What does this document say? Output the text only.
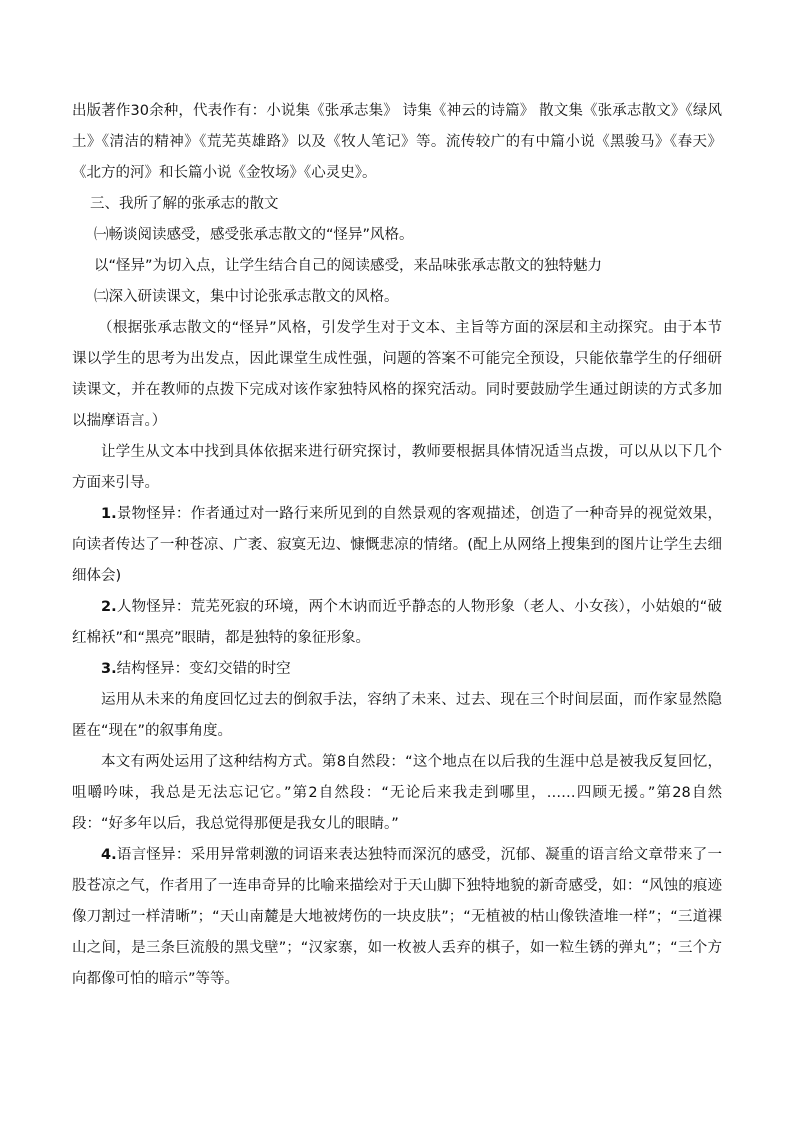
出版著作30余种，代表作有：小说集《张承志集》 诗集《神云的诗篇》 散文集《张承志散文》《绿风土》《清洁的精神》《荒芜英雄路》以及《牧人笔记》等。流传较广的有中篇小说《黑骏马》《春天》《北方的河》和长篇小说《金牧场》《心灵史》。

三、我所了解的张承志的散文

㈠畅谈阅读感受，感受张承志散文的“怪异”风格。

以“怪异”为切入点，让学生结合自己的阅读感受，来品味张承志散文的独特魅力

㈡深入研读课文，集中讨论张承志散文的风格。

（根据张承志散文的“怪异”风格，引发学生对于文本、主旨等方面的深层和主动探究。由于本节课以学生的思考为出发点，因此课堂生成性强，问题的答案不可能完全预设，只能依靠学生的仔细研读课文，并在教师的点拨下完成对该作家独特风格的探究活动。同时要鼓励学生通过朗读的方式多加以揣摩语言。）

让学生从文本中找到具体依据来进行研究探讨，教师要根据具体情况适当点拨，可以从以下几个方面来引导。

1.景物怪异：作者通过对一路行来所见到的自然景观的客观描述，创造了一种奇异的视觉效果，向读者传达了一种苍凉、广袤、寂寞无边、慷慨悲凉的情绪。(配上从网络上搜集到的图片让学生去细细体会)

2.人物怪异：荒芜死寂的环境，两个木讷而近乎静态的人物形象（老人、小女孩），小姑娘的“破红棉袄”和“黑亮”眼睛，都是独特的象征形象。

3.结构怪异：变幻交错的时空

运用从未来的角度回忆过去的倒叙手法，容纳了未来、过去、现在三个时间层面，而作家显然隐匿在“现在”的叙事角度。

本文有两处运用了这种结构方式。第8自然段：“这个地点在以后我的生涯中总是被我反复回忆，咀嚼吟味，我总是无法忘记它。”第2自然段：“无论后来我走到哪里，……四顾无援。”第28自然段：“好多年以后，我总觉得那便是我女儿的眼睛。”

4.语言怪异：采用异常刺激的词语来表达独特而深沉的感受，沉郁、凝重的语言给文章带来了一股苍凉之气，作者用了一连串奇异的比喻来描绘对于天山脚下独特地貌的新奇感受，如：“风蚀的痕迹像刀割过一样清晰”；“天山南麓是大地被烤伤的一块皮肤”；“无植被的枯山像铁渣堆一样”；“三道裸山之间，是三条巨流般的黑戈壁”；“汉家寨，如一枚被人丢弃的棋子，如一粒生锈的弹丸”；“三个方向都像可怕的暗示”等等。
